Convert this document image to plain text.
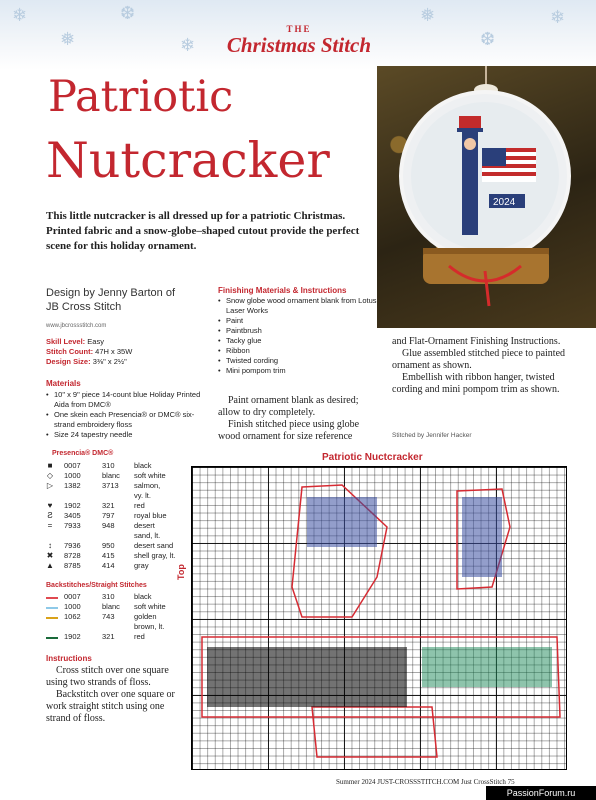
❄
❅
❆
❄
❅
❆
❄
THE
Christmas Stitch
2024
Patriotic
Nutcracker
This little nutcracker is all dressed up for a patriotic Christmas. Printed fabric and a snow-globe–shaped cutout provide the perfect scene for this holiday ornament.
Design by Jenny Barton of
JB Cross Stitch
www.jbcrossstitch.com
Skill Level: Easy
Stitch Count: 47H x 35W
Design Size: 3⅜" x 2½"
Materials
• 10" x 9" piece 14-count blue Holiday Printed Aida from DMC®
• One skein each Presencia® or DMC® six-strand embroidery floss
• Size 24 tapestry needle
Presencia® DMC®
■ 0007	310	black
◇ 1000	blanc soft white
▷ 1382	3713 salmon,
vy. lt.
♥ 1902	321	red
Ƨ 3405	797	royal blue
= 7933	948	desert
sand, lt.
↕ 7936	950	desert sand
✖ 8728	415	shell gray, lt.
▲ 8785	414	gray
Backstitches/Straight Stitches
0007	310	black
1000	blanc soft white
1062	743	golden
brown, lt.
1902	321	red
Instructions

Cross stitch over one square using two strands of floss.

Backstitch over one square or work straight stitch using one strand of floss.

Finishing Materials & Instructions
• Snow globe wood ornament blank from Lotus Laser Works
• Paint
• Paintbrush
• Tacky glue
• Ribbon
• Twisted cording
• Mini pompom trim

Paint ornament blank as desired; allow to dry completely.

Finish stitched piece using globe wood ornament for size reference

and Flat-Ornament Finishing Instructions.

Glue assembled stitched piece to painted ornament as shown.

Embellish with ribbon hanger, twisted cording and mini pompom trim as shown.

Stitched by Jennifer Hacker
Patriotic Nuctcracker
Top
Summer 2024 JUST-CROSSSTITCH.COM Just CrossStitch 75
PassionForum.ru
